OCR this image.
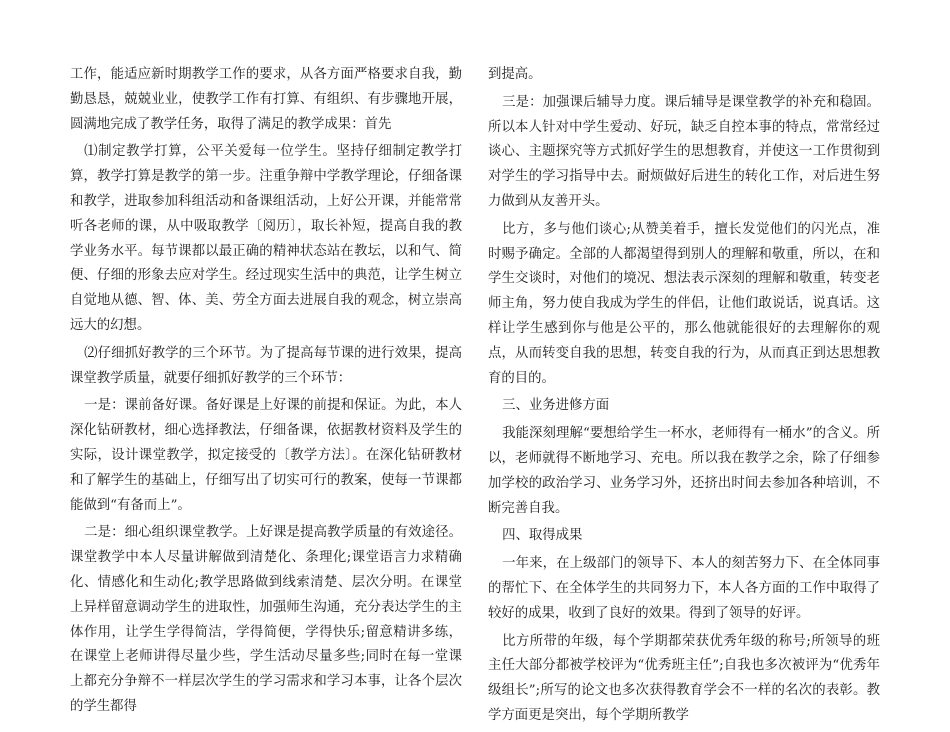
工作，能适应新时期教学工作的要求，从各方面严格要求自我，勤勤恳恳，兢兢业业，使教学工作有打算、有组织、有步骤地开展，圆满地完成了教学任务，取得了满足的教学成果：首先

⑴制定教学打算，公平关爱每一位学生。坚持仔细制定教学打算，教学打算是教学的第一步。注重争辩中学教学理论，仔细备课和教学，进取参加科组活动和备课组活动，上好公开课，并能常常听各老师的课，从中吸取教学〔阅历〕，取长补短，提高自我的教学业务水平。每节课都以最正确的精神状态站在教坛，以和气、简便、仔细的形象去应对学生。经过现实生活中的典范，让学生树立自觉地从德、智、体、美、劳全方面去进展自我的观念，树立崇高远大的幻想。

⑵仔细抓好教学的三个环节。为了提高每节课的进行效果，提高课堂教学质量，就要仔细抓好教学的三个环节：

一是：课前备好课。备好课是上好课的前提和保证。为此，本人深化钻研教材，细心选择教法，仔细备课，依据教材资料及学生的实际，设计课堂教学，拟定接受的〔教学方法〕。在深化钻研教材和了解学生的基础上，仔细写出了切实可行的教案，使每一节课都能做到“有备而上”。

二是：细心组织课堂教学。上好课是提高教学质量的有效途径。课堂教学中本人尽量讲解做到清楚化、条理化;课堂语言力求精确化、情感化和生动化;教学思路做到线索清楚、层次分明。在课堂上异样留意调动学生的进取性，加强师生沟通，充分表达学生的主体作用，让学生学得简洁，学得简便，学得快乐;留意精讲多练，在课堂上老师讲得尽量少些，学生活动尽量多些;同时在每一堂课上都充分争辩不一样层次学生的学习需求和学习本事，让各个层次的学生都得

到提高。

三是：加强课后辅导力度。课后辅导是课堂教学的补充和稳固。所以本人针对中学生爱动、好玩，缺乏自控本事的特点，常常经过谈心、主题探究等方式抓好学生的思想教育，并使这一工作贯彻到对学生的学习指导中去。耐烦做好后进生的转化工作，对后进生努力做到从友善开头。

比方，多与他们谈心;从赞美着手，擅长发觉他们的闪光点，准时赐予确定。全部的人都渴望得到别人的理解和敬重，所以，在和学生交谈时，对他们的境况、想法表示深刻的理解和敬重，转变老师主角，努力使自我成为学生的伴侣，让他们敢说话，说真话。这样让学生感到你与他是公平的，那么他就能很好的去理解你的观点，从而转变自我的思想，转变自我的行为，从而真正到达思想教育的目的。

三、业务进修方面

我能深刻理解“要想给学生一杯水，老师得有一桶水”的含义。所以，老师就得不断地学习、充电。所以我在教学之余，除了仔细参加学校的政治学习、业务学习外，还挤出时间去参加各种培训，不断完善自我。

四、取得成果

一年来，在上级部门的领导下、本人的刻苦努力下、在全体同事的帮忙下、在全体学生的共同努力下，本人各方面的工作中取得了较好的成果，收到了良好的效果。得到了领导的好评。

比方所带的年级，每个学期都荣获优秀年级的称号;所领导的班主任大部分都被学校评为“优秀班主任”;自我也多次被评为“优秀年级组长”;所写的论文也多次获得教育学会不一样的名次的表彰。教学方面更是突出，每个学期所教学
